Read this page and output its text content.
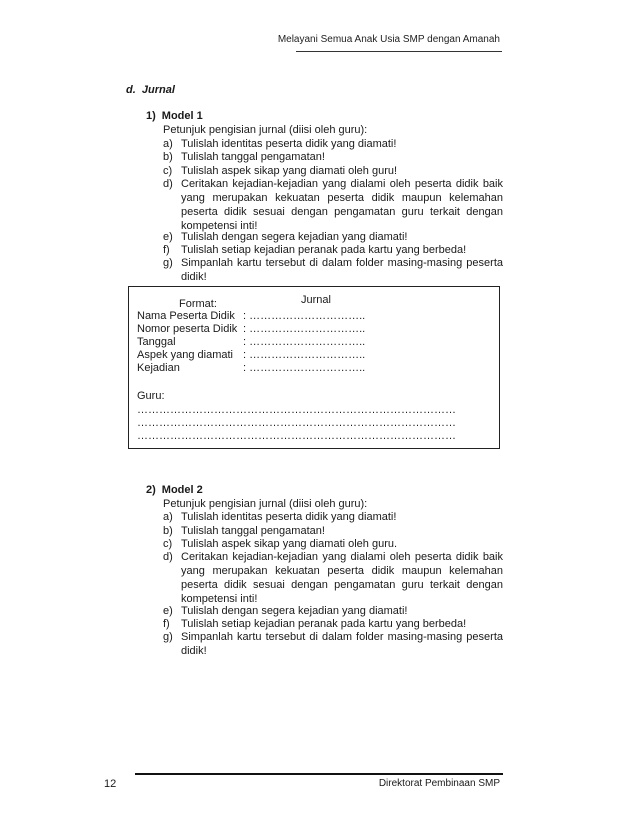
Melayani Semua Anak Usia SMP dengan Amanah
d. Jurnal
1) Model 1
Petunjuk pengisian jurnal (diisi oleh guru):
a) Tulislah identitas peserta didik yang diamati!
b) Tulislah tanggal pengamatan!
c) Tulislah aspek sikap yang diamati oleh guru!
d) Ceritakan kejadian-kejadian yang dialami oleh peserta didik baik yang merupakan kekuatan peserta didik maupun kelemahan peserta didik sesuai dengan pengamatan guru terkait dengan kompetensi inti!
e) Tulislah dengan segera kejadian yang diamati!
f) Tulislah setiap kejadian peranak pada kartu yang berbeda!
g) Simpanlah kartu tersebut di dalam folder masing-masing peserta didik!
Format:	Jurnal
Nama Peserta Didik : …………………………..
Nomor peserta Didik : …………………………..
Tanggal	: …………………………..
Aspek yang diamati : …………………………..
Kejadian	: …………………………..
Guru:
……………………………………………………………………………
……………………………………………………………………………
……………………………………………………………………………
2) Model 2
Petunjuk pengisian jurnal (diisi oleh guru):
a) Tulislah identitas peserta didik yang diamati!
b) Tulislah tanggal pengamatan!
c) Tulislah aspek sikap yang diamati oleh guru.
d) Ceritakan kejadian-kejadian yang dialami oleh peserta didik baik yang merupakan kekuatan peserta didik maupun kelemahan peserta didik sesuai dengan pengamatan guru terkait dengan kompetensi inti!
e) Tulislah dengan segera kejadian yang diamati!
f) Tulislah setiap kejadian peranak pada kartu yang berbeda!
g) Simpanlah kartu tersebut di dalam folder masing-masing peserta didik!
12	Direktorat Pembinaan SMP
